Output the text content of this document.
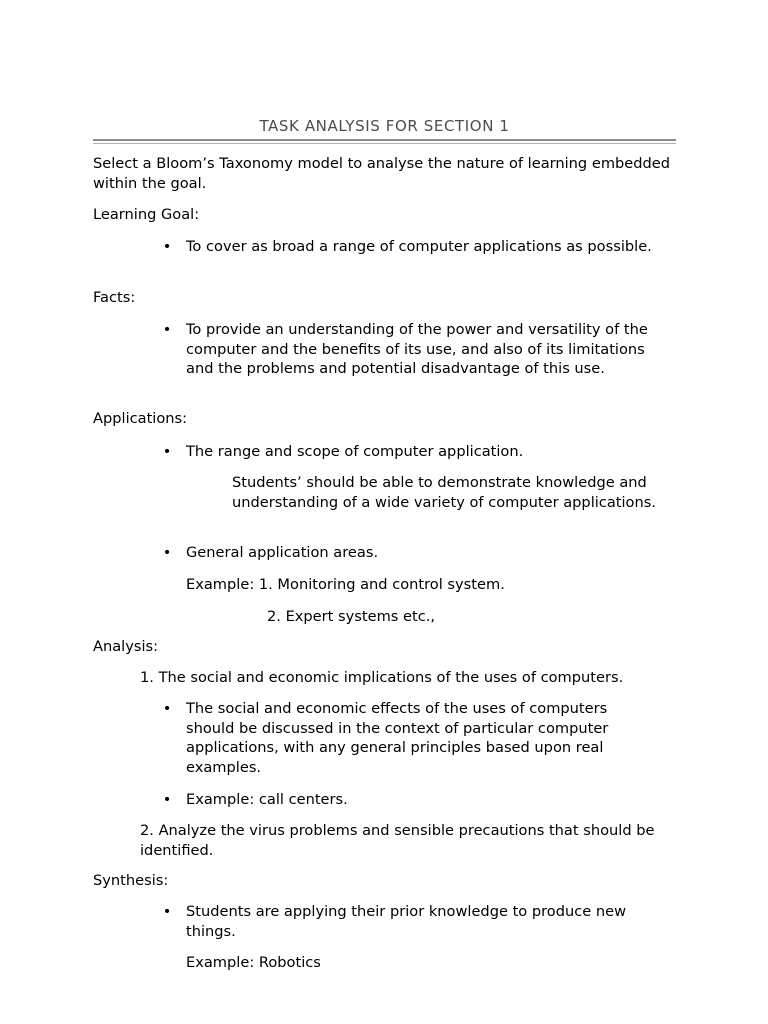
TASK ANALYSIS FOR SECTION 1

Select a Bloom’s Taxonomy model to analyse the nature of learning embedded within the goal.

Learning Goal:

• To cover as broad a range of computer applications as possible.

Facts:

• To provide an understanding of the power and versatility of the computer and the benefits of its use, and also of its limitations and the problems and potential disadvantage of this use.

Applications:

• The range and scope of computer application.

Students’ should be able to demonstrate knowledge and understanding of a wide variety of computer applications.

• General application areas.

Example: 1. Monitoring and control system.

2. Expert systems etc.,

Analysis:

1. The social and economic implications of the uses of computers.

• The social and economic effects of the uses of computers should be discussed in the context of particular computer applications, with any general principles based upon real examples.

• Example: call centers.

2. Analyze the virus problems and sensible precautions that should be identified.

Synthesis:

• Students are applying their prior knowledge to produce new things.

Example: Robotics
